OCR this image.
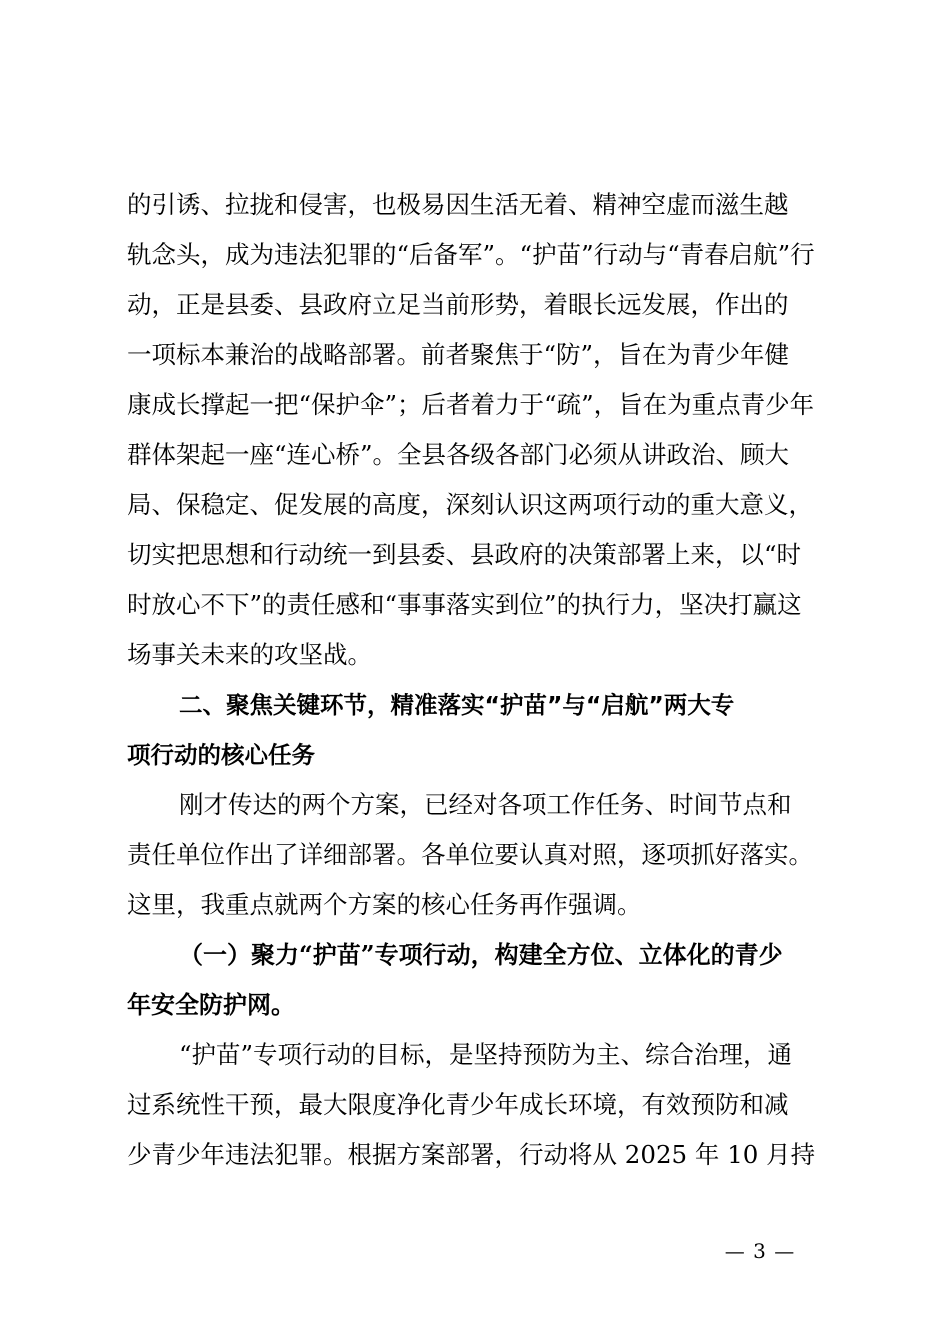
的引诱、拉拢和侵害，也极易因生活无着、精神空虚而滋生越
轨念头，成为违法犯罪的“后备军”。“护苗”行动与“青春启航”行
动，正是县委、县政府立足当前形势，着眼长远发展，作出的
一项标本兼治的战略部署。前者聚焦于“防”，旨在为青少年健
康成长撑起一把“保护伞”；后者着力于“疏”，旨在为重点青少年
群体架起一座“连心桥”。全县各级各部门必须从讲政治、顾大
局、保稳定、促发展的高度，深刻认识这两项行动的重大意义，
切实把思想和行动统一到县委、县政府的决策部署上来，以“时
时放心不下”的责任感和“事事落实到位”的执行力，坚决打赢这
场事关未来的攻坚战。
二、聚焦关键环节，精准落实“护苗”与“启航”两大专
项行动的核心任务
刚才传达的两个方案，已经对各项工作任务、时间节点和
责任单位作出了详细部署。各单位要认真对照，逐项抓好落实。
这里，我重点就两个方案的核心任务再作强调。
（一）聚力“护苗”专项行动，构建全方位、立体化的青少
年安全防护网。
“护苗”专项行动的目标，是坚持预防为主、综合治理，通
过系统性干预，最大限度净化青少年成长环境，有效预防和减
少青少年违法犯罪。根据方案部署，行动将从 2025 年 10 月持
— 3 —
